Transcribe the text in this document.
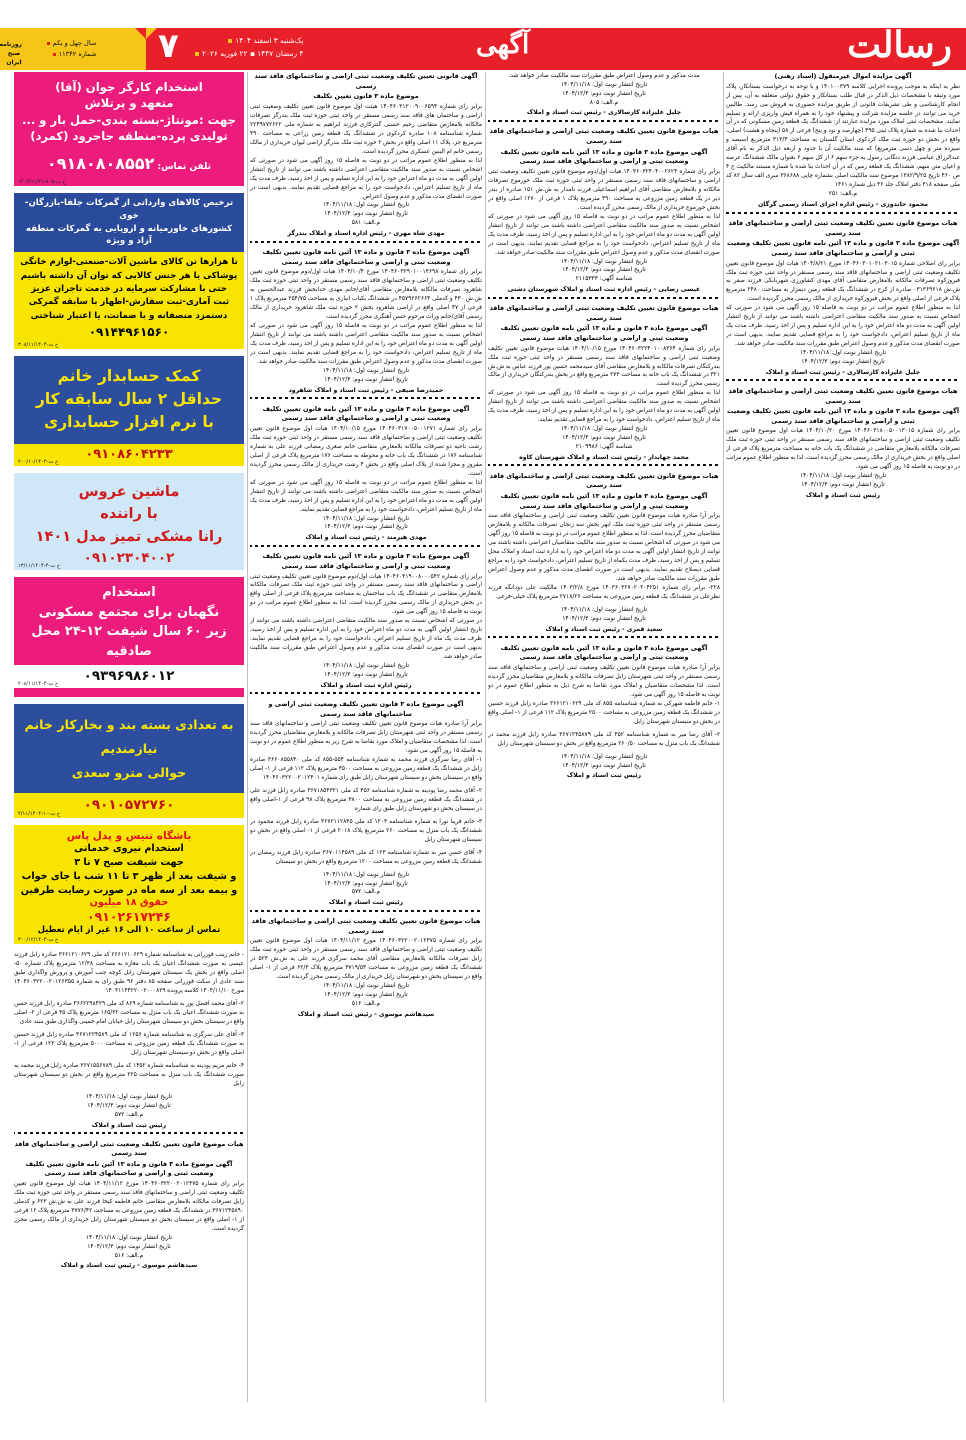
۷	یک‌شنبه ۳ اسفند ۱۴۰۴
۴ رمضان ۱۴۴۷ ▪ ۲۲ فوریه ۲۰۲۶	آگهی	رسالت
سال چهل و یکم
شماره ۱۱۳۴۲
روزنامه صبح ایران
استخدام کارگر جوان (آقا)
متعهد و پرتلاش
جهت :مونتاژ-بسته بندی-حمل بار و ...
تولیدی پرده-منطقه جاجرود (کمرد)
تلفن تماس: ۰۹۱۸۰۸۰۸۵۵۲
خ ت-۸۰۵-۱۴۰۴/۱۱/۲۱
ترخیص کالاهای وارداتی از گمرکات جلفا-بازرگان-خوی
کشورهای خاورمیانه و اروپایی به گمرکات منطقه آزاد و ویژه
تا هزارها تن کالای ماشین آلات-صنعتی-لوازم خانگی
پوشاکی یا هر جنس کالایی که توان آن داشته باشیم
حتی با مشارکت سرمایه در خدمت تاجران عزیز
ثبت آماری-ثبت سفارش-اظهار با سابقه گمرکی
دستمزد منصفانه و با ضمانت، یا اعتبار شناختی
۰۹۱۴۴۹۶۱۵۶۰
خ ت-۳۰۸/۱۱/۱۴۰۴
کمک حسابدار خانم
حداقل ۲ سال سابقه کار
با نرم افزار حسابداری
۰۹۱۰۸۶۰۴۲۳۳
خ ت-۲۰۰/۱۰/۱۴۰۴
ماشین عروس
با راننده
رانا مشکی تمیز مدل ۱۴۰۱
۰۹۱۰۲۳۰۴۰۰۲
خ ت-۴-۱۳/۱۱/۱۴۰۴
استخدام
نگهبان برای مجتمع مسکونی
زیر ۶۰ سال شیفت ۱۲-۲۴ محل صادقیه
۰۹۳۹۶۹۸۶۰۱۲
خ ت-۲۰۸/۱۱/۱۴۰۴
به تعدادی بسته بند و بخارکار خانم نیازمندیم
حوالی مترو سعدی
۰۹۰۱۰۵۷۲۷۶۰
خ ت-۱۰-۴/۱۱/۱۴۰۴
باشگاه تنیس و پدل پاس
استخدام نیروی خدماتی
جهت شیفت صبح ۷ تا ۳
و شیفت بعد از ظهر ۳ تا ۱۱ شب با جای خواب
و بیمه بعد از سه ماه در صورت رضایت طرفین
حقوق ۱۸ میلیون
۰۹۱۰۲۶۱۷۲۴۶
تماس از ساعت ۱۰ الی ۱۶ غیر از ایام تعطیل
خ ت-۳۰۰/۱۲/۱۴۰۴
- خانم زینب قوزرانی به شناسنامه شماره ۲۶۶۱۲۱۰۶۲۹ کد ملی ۳۶۶۱۲۱۰۶۲۹ صادره زابل فرزند عیسی به صورت ششدانگ اعیان یک باب مغازه به مساحت ۱۲/۳۸ مترمربع پلاک شماره ۵۰- اصلی واقع در بخش یک سیستان شهرستان زابل کوچه جنب آموزش و پرورش واگذاری طبق سند عادی از سکت قوزرانی صفحه ۸۵ دفتر ۹۶ طبق رای به شماره ۱۴۰۴۶۰۳۲۲۰۰۲۰۱۲۶۳۵۵ مورخ ۱۴۰۴/۱۱/۱۰ کلاسه پرونده ۱۴۰۴۱۱۴۴۲۲۰۰۲۰۰۰۸۲۹
۲- آقای محمد افضل پور به شناسنامه شماره ۸۶۹ کد ملی ۳۶۶۲۲۹۸۴۲۹ صادره زابل فرزند حسن به صورت ششدانگ اعیان یک باب منزل به مساحت ۱۶۵/۳۲ مترمربع پلاک ۳۵ فرعی از ۲- اصلی واقع در سیستان بخش دو سیستان شهرستان زابل خیابان امام خمینی واگذاری طبق سند عادی
۳- آقای علی سرگزی به شناسنامه شماره ۱۲۵۶ کد ملی ۳۶۷۱۲۲۴۵۸۹ صادره زابل فرزند حسین به صورت ششدانگ یک قطعه زمین مزروعی به مساحت ۵۰۰۰ مترمربع پلاک ۱۲۳ فرعی از ۱- اصلی واقع در بخش دو سیستان شهرستان زابل
۴- خانم مریم پودینه به شناسنامه شماره ۱۴۵۲ کد ملی ۳۶۷۱۵۵۶۷۸۹ صادره زابل فرزند محمد به صورت ششدانگ یک باب منزل به مساحت ۲۲۵ مترمربع واقع در بخش دو سیستان شهرستان زابل
تاریخ انتشار نوبت اول: ۱۴۰۴/۱۱/۱۸
تاریخ انتشار نوبت دوم: ۱۴۰۴/۱۲/۳
م.الف: ۵۷۲
رئیس ثبت اسناد و املاک
هیات موضوع قانون تعیین تکلیف وضعیت ثبتی اراضی و ساختمانهای فاقد سند رسمی
آگهی موضوع ماده ۳ قانون و ماده ۱۳ آئین نامه قانون تعیین تکلیف وضعیت ثبتی و اراضی و ساختمانهای فاقد سند رسمی
برابر رای شماره ۱۴۰۴۶۰۳۲۲۰۰۲۰۱۲۳۷۵ مورخ ۱۴۰۴/۱۱/۱۲ هیات اول موضوع قانون تعیین تکلیف وضعیت ثبتی اراضی و ساختمانهای فاقد سند رسمی مستقر در واحد ثبتی حوزه ثبت ملک زابل تصرفات مالکانه بلامعارض متقاضی خانم فاطمه کیخا فرزند علی به ش.ش ۶۲۳ و کدملی ۳۶۷۱۲۴۵۸۹۰ در ششدانگ یک قطعه زمین مزروعی به مساحت ۳۷۷۶/۴۲ مترمربع پلاک ۱۲ فرعی از ۱- اصلی واقع در سیستان بخش دو سیستان شهرستان زابل خریداری از مالک رسمی محرز گردیده است.
تاریخ انتشار نوبت اول: ۱۴۰۴/۱۱/۱۸
تاریخ انتشار نوبت دوم: ۱۴۰۴/۱۲/۳
م.الف: ۵۱۶
سیدهاشم موسوی - رئیس ثبت اسناد و املاک
آگهی قانونی تعیین تکلیف وضعیت ثبتی اراضی و ساختمانهای فاقد سند رسمی
موضوع ماده ۳ قانون تعیین تکلیف
برابر رای شماره ۱۴۰۴۶۰۳۱۲۰۰۹۰۰۶۵۹۴ هیئت اول موضوع قانون تعیین تکلیف وضعیت ثبتی اراضی و ساختمان های فاقد سند رسمی مستقر در واحد ثبتی حوزه ثبت ملک بندرگز تصرفات مالکانه بلامعارض متقاضی رحیم حسنی گنترکاری فرزند ابراهیم به شماره ملی ۲۲۴۹۷۷۲۶۲۲ شماره شناسنامه ۱۰۸ صادره کردکوی در ششدانگ یک قطعه زمین زراعی به مساحت ۴۹۰ مترمربع جز، پلاک ۱۱ اصلی واقع در بخش ۲ حوزه ثبت ملک بندرگز اراضی لیوان خریداری از مالک رسمی خانم ام البنین عسکری محرز گردیده است.
لذا به منظور اطلاع عموم مراتب در دو نوبت به فاصله ۱۵ روز آگهی می شود در صورتی که اشخاص نسبت به صدور سند مالکیت متقاضی اعتراضی داشته باشند می توانند از تاریخ انتشار اولین آگهی به مدت دو ماه اعتراض خود را به این اداره تسلیم و پس از اخذ رسید، ظرف مدت یک ماه از تاریخ تسلیم اعتراض، دادخواست خود را به مراجع قضایی تقدیم نمایند. بدیهی است در صورت انقضای مدت مذکور و عدم وصول اعتراض
تاریخ انتشار نوبت اول: ۱۴۰۴/۱۱/۱۸
تاریخ انتشار نوبت دوم: ۱۴۰۴/۱۲/۳
م.الف: ۵۸۱
مهدی شاه مهری - رئیس اداره اسناد و املاک بندرگز
آگهی موضوع ماده ۳ قانون و ماده ۱۳ آئین نامه قانون تعیین تکلیف وضعیت ثبتی و اراضی و ساختمانهای فاقد سند رسمی
برابر رای شماره ۱۴۰۴۶۰۳۲۹۰۱۰۰۱۴۶۹۸ مورخ ۱۴۰۴/۱۰/۴ هیات اول/دوم موضوع قانون تعیین تکلیف وضعیت ثبتی اراضی و ساختمانهای فاقد سند رسمی مستقر در واحد ثبتی حوزه ثبت ملک شاهرود تصرفات مالکانه بلامعارض متقاضی آقای/خانم مهدی خدابخش فرزند عبدالحسین به ش.ش ۴۳۰ و کدملی ۴۵۷۹۲۶۲۶۶۴ در ششدانگ یکباب انباری به مساحت ۲۵۴/۷۵ مترمربع پلاک ۱ فرعی از ۴۷ اصلی واقع در اراضی شاهرود بخش ۲ حوزه ثبت ملک شاهرود خریداری از مالک رسمی آقای/خانم وراث مرحوم حسن آهنگری محرز گردیده است.
لذا به منظور اطلاع عموم مراتب در دو نوبت به فاصله ۱۵ روز آگهی می شود در صورتی که اشخاص نسبت به صدور سند مالکیت متقاضی اعتراضی داشته باشند می توانند از تاریخ انتشار اولین آگهی به مدت دو ماه اعتراض خود را به این اداره تسلیم و پس از اخذ رسید، ظرف مدت یک ماه از تاریخ تسلیم اعتراض، دادخواست خود را به مراجع قضایی تقدیم نمایند. بدیهی است در صورت انقضای مدت مذکور و عدم وصول اعتراض طبق مقررات سند مالکیت صادر خواهد شد.
تاریخ انتشار نوبت اول: ۱۴۰۴/۱۱/۱۸
تاریخ انتشار نوبت دوم: ۱۴۰۴/۱۲/۳
حمیدرضا صیفی - رئیس ثبت اسناد و املاک شاهرود
آگهی موضوع ماده ۳ قانون و ماده ۱۳ آئین نامه قانون تعیین تکلیف وضعیت ثبتی و اراضی و ساختمانهای فاقد سند رسمی
برابر رای شماره ۱۴۰۴۶۰۳۱۷۰۰۵۰۰۱۲۷۱ مورخ ۱۴۰۴/۱۰/۱۵ هیات اول موضوع قانون تعیین تکلیف وضعیت ثبتی اراضی و ساختمانهای فاقد سند رسمی مستقر در واحد ثبتی حوزه ثبت ملک رشت ناحیه دو تصرفات مالکانه بلامعارض متقاضی خانم صغری رمضانی فرزند علی به شماره شناسنامه ۱۷۶ در ششدانگ یک باب خانه و محوطه به مساحت ۱۷۶ مترمربع پلاک فرعی از اصلی مفروز و مجزا شده از پلاک اصلی واقع در بخش ۴ رشت خریداری از مالک رسمی محرز گردیده است.
لذا به منظور اطلاع عموم مراتب در دو نوبت به فاصله ۱۵ روز آگهی می شود در صورتی که اشخاص نسبت به صدور سند مالکیت متقاضی اعتراضی داشته باشند می توانند از تاریخ انتشار اولین آگهی به مدت دو ماه اعتراض خود را به این اداره تسلیم و پس از اخذ رسید، ظرف مدت یک ماه از تاریخ تسلیم اعتراض، دادخواست خود را به مراجع قضایی تقدیم نمایند.
تاریخ انتشار نوبت اول: ۱۴۰۴/۱۱/۱۸
تاریخ انتشار نوبت دوم: ۱۴۰۴/۱۲/۳
مهدی هیرمند - رئیس ثبت اسناد و املاک
آگهی موضوع ماده ۳ قانون و ماده ۱۳ آئین نامه قانون تعیین تکلیف وضعیت ثبتی و اراضی و ساختمانهای فاقد سند رسمی
برابر رای شماره ۱۴۰۴۶۰۳۱۹۰۰۸۰۰۰۵۴۲ هیات اول/دوم موضوع قانون تعیین تکلیف وضعیت ثبتی اراضی و ساختمانهای فاقد سند رسمی مستقر در واحد ثبتی حوزه ثبت ملک تصرفات مالکانه بلامعارض متقاضی در ششدانگ یک باب ساختمان به مساحت مترمربع پلاک فرعی از اصلی واقع در بخش خریداری از مالک رسمی محرز گردیده است. لذا به منظور اطلاع عموم مراتب در دو نوبت به فاصله ۱۵ روز آگهی می شود.
در صورتی که اشخاص نسبت به صدور سند مالکیت متقاضی اعتراضی داشته باشند می توانند از تاریخ انتشار اولین آگهی به مدت دو ماه اعتراض خود را به این اداره تسلیم و پس از اخذ رسید، ظرف مدت یک ماه از تاریخ تسلیم اعتراض، دادخواست خود را به مراجع قضایی تقدیم نمایند. بدیهی است در صورت انقضای مدت مذکور و عدم وصول اعتراض طبق مقررات سند مالکیت صادر خواهد شد.
تاریخ انتشار نوبت اول: ۱۴۰۴/۱۱/۱۸
تاریخ انتشار نوبت دوم: ۱۴۰۴/۱۲/۳
رئیس اداره ثبت اسناد و املاک
آگهی موضوع ماده ۳ قانون تعیین تکلیف وضعیت ثبتی اراضی و ساختمانهای فاقد سند رسمی
برابر آرا صادره هیات موضوع قانون تعیین تکلیف وضعیت ثبتی اراضی و ساختمانهای فاقد سند رسمی مستقر در واحد ثبتی شهرستان زابل تصرفات مالکانه و بلامعارض متقاضیان محرز گردیده است. لذا مشخصات متقاضیان و املاک مورد تقاضا به شرح زیر به منظور اطلاع عموم در دو نوبت به فاصله ۱۵ روز آگهی می شود:
۱- آقای رضا سرگزی فرزند محمد به شماره شناسنامه ۵۵۴-۸۵۵ کد ملی ۳۶۶۰۸۵۵۸۴۰ صادره زابل در ششدانگ یک قطعه زمین مزروعی به مساحت ۴۵۰۰ مترمربع پلاک ۱۱۲ فرعی از ۱- اصلی واقع در سیستان بخش دو سیستان شهرستان زابل طبق رای شماره ۱۴۰۴۶۰۳۲۲۰۰۲۰۱۲۴۰۱
۲- آقای محمد رضا پودینه به شماره شناسنامه ۴۵۶ کد ملی ۳۶۷۱۸۵۴۳۲۱ صادره زابل فرزند علی در ششدانگ یک قطعه زمین مزروعی به مساحت ۳۸۰۰ مترمربع پلاک ۹۸ فرعی از ۱-اصلی واقع در سیستان بخش دو شهرستان زابل طبق رای شماره
۳- خانم فریبا نورا به شماره شناسنامه ۱۲۰۳ کد ملی ۳۶۷۲۱۱۲۸۴۵ صادره زابل فرزند محمود در ششدانگ یک باب منزل به مساحت ۲۶۰ مترمربع پلاک ۲۰۱۸ فرعی از ۱- اصلی واقع در بخش دو سیستان شهرستان زابل
۴- آقای حسن میر به شماره شناسنامه ۱۲۳ کد ملی ۳۶۷۰۱۱۴۵۸۹ صادره زابل فرزند رمضان در ششدانگ یک قطعه زمین مزروعی به مساحت ۱۲۰۰ مترمربع واقع در بخش دو سیستان
تاریخ انتشار نوبت اول: ۱۴۰۴/۱۱/۱۸
تاریخ انتشار نوبت دوم: ۱۴۰۴/۱۲/۳
م.الف: ۵۷۲
رئیس ثبت اسناد و املاک
هیات موضوع قانون تعیین تکلیف وضعیت ثبتی اراضی و ساختمانهای فاقد سند رسمی
برابر رای شماره ۱۴۰۴۶۰۳۲۲۰۰۲۰۱۲۳۷۵ مورخ ۱۴۰۴/۱۱/۱۲ هیات اول موضوع قانون تعیین تکلیف وضعیت ثبتی اراضی و ساختمانهای فاقد سند رسمی مستقر در واحد ثبتی حوزه ثبت ملک زابل تصرفات مالکانه بلامعارض متقاضی آقای محمد سرگزی فرزند علی به ش.ش ۵۲۳ در ششدانگ یک قطعه زمین مزروعی به مساحت ۳۷۱۹/۵۴ مترمربع پلاک ۶۲/۳ فرعی از ۱- اصلی واقع در سیستان بخش دو شهرستان زابل خریداری از مالک رسمی محرز گردیده است.
تاریخ انتشار نوبت اول: ۱۴۰۴/۱۱/۱۸
تاریخ انتشار نوبت دوم: ۱۴۰۴/۱۲/۳
م.الف: ۵۱۶
سیدهاشم موسوی - رئیس ثبت اسناد و املاک
مدت مذکور و عدم وصول اعتراض طبق مقررات سند مالکیت صادر خواهد شد.
تاریخ انتشار نوبت اول: ۱۴۰۴/۱۱/۱۸
تاریخ انتشار نوبت دوم: ۱۴۰۴/۱۲/۳
م.الف: ۸۰۵
جلیل علیزاده کارسالاری - رئیس ثبت اسناد و املاک
هیات موضوع قانون تعیین تکلیف وضعیت ثبتی اراضی و ساختمانهای فاقد سند رسمی
آگهی موضوع ماده ۳ قانون و ماده ۱۳ آئین نامه قانون تعیین تکلیف وضعیت ثبتی و اراضی و ساختمانهای فاقد سند رسمی
برابر رای شماره ۱۴۰۴۶۰۳۲۴۰۴۰۰۲۶۲۴ هیات اول/دوم موضوع قانون تعیین تکلیف وضعیت ثبتی اراضی و ساختمانهای فاقد سند رسمی مستقر در واحد ثبتی حوزه ثبت ملک خورموج تصرفات مالکانه و بلامعارض متقاضی آقای ابراهیم اسماعیلی فرزند نامدار به ش.ش ۱۵۱ صادره از بندر دیر در یک قطعه زمین مزروعی به مساحت ۴۹۰ مترمربع پلاک ۱ فرعی از ۱۲۷۰ اصلی واقع در بخش خورموج خریداری از مالک رسمی محرز گردیده است.
لذا به منظور اطلاع عموم مراتب در دو نوبت به فاصله ۱۵ روز آگهی می شود در صورتی که اشخاص نسبت به صدور سند مالکیت متقاضی اعتراضی داشته باشند می توانند از تاریخ انتشار اولین آگهی به مدت دو ماه اعتراض خود را به این اداره تسلیم و پس از اخذ رسید، ظرف مدت یک ماه از تاریخ تسلیم اعتراض، دادخواست خود را به مراجع قضایی تقدیم نمایند. بدیهی است در صورت انقضای مدت مذکور و عدم وصول اعتراض طبق مقررات سند مالکیت صادر خواهد شد.
تاریخ انتشار نوبت اول: ۱۴۰۴/۱۱/۱۸
تاریخ انتشار نوبت دوم: ۱۴۰۴/۱۲/۳
شناسه آگهی: ۲۱۱۵۳۳۳
عیسی رضایی - رئیس اداره ثبت اسناد و املاک شهرستان دشتی
هیات موضوع قانون تعیین تکلیف وضعیت ثبتی اراضی و ساختمانهای فاقد سند رسمی
آگهی موضوع ماده ۳ قانون و ماده ۱۳ آئین نامه قانون تعیین تکلیف وضعیت ثبتی و اراضی و ساختمانهای فاقد سند رسمی
برابر رای شماره ۱۴۰۴۶۰۳۲۲۴۰۱۰۰۸۳۶۴ مورخ ۱۴۰۴/۱۰/۱۵ هیات موضوع قانون تعیین تکلیف وضعیت ثبتی اراضی و ساختمانهای فاقد سند رسمی مستقر در واحد ثبتی حوزه ثبت ملک بندرکنگان تصرفات مالکانه و بلامعارض متقاضی آقای سیدمحمد حسین پور فرزند عباس به ش.ش ۳۲۱ در ششدانگ یک باب خانه به مساحت ۲۷۳ مترمربع واقع در بخش بندرکنگان خریداری از مالک رسمی محرز گردیده است.
لذا به منظور اطلاع عموم مراتب در دو نوبت به فاصله ۱۵ روز آگهی می شود در صورتی که اشخاص نسبت به صدور سند مالکیت متقاضی اعتراضی داشته باشند می توانند از تاریخ انتشار اولین آگهی به مدت دو ماه اعتراض خود را به این اداره تسلیم و پس از اخذ رسید، ظرف مدت یک ماه از تاریخ تسلیم اعتراض، دادخواست خود را به مراجع قضایی تقدیم نمایند.
تاریخ انتشار نوبت اول: ۱۴۰۴/۱۱/۱۸
تاریخ انتشار نوبت دوم: ۱۴۰۴/۱۲/۳
شناسه آگهی: ۲۱۰۹۹۸۶
محمد جهابدار - رئیس ثبت اسناد و املاک شهرستان کاوه
هیات موضوع قانون تعیین تکلیف وضعیت ثبتی اراضی و ساختمانهای فاقد سند رسمی
آگهی موضوع ماده ۳ قانون و ماده ۱۳ آئین نامه قانون تعیین تکلیف وضعیت ثبتی و اراضی و ساختمانهای فاقد سند رسمی
برابر آرا صادره هیات موضوع قانون تعیین تکلیف وضعیت ثبتی اراضی و ساختمانهای فاقد سند رسمی مستقر در واحد ثبتی حوزه ثبت ملک ابهر بخش سه زنجان تصرفات مالکانه و بلامعارض متقاضیان محرز گردیده است. لذا به منظور اطلاع عموم مراتب در دو نوبت به فاصله ۱۵ روز آگهی می شود در صورتی که اشخاص نسبت به صدور سند مالکیت متقاضیان اعتراضی داشته باشند می توانند از تاریخ انتشار اولین آگهی به مدت دو ماه اعتراض خود را به اداره ثبت اسناد و املاک محل تسلیم و پس از اخذ رسید، ظرف مدت یکماه از تاریخ تسلیم اعتراض، دادخواست خود را به مراجع قضایی ذیصلاح تقدیم نمایند. بدیهی است در صورت انقضای مدت مذکور و عدم وصول اعتراض طبق مقررات سند مالکیت صادر خواهد شد.
۲۲۸- برابر رای شماره ۱۴۰۳۶۰۳۲۷۰۲۰۲۰۴۲۵۱ مورخ ۱۴۰۳/۲/۸ مالکیت علی دودانگه فرزند نظرعلی در ششدانگ یک قطعه زمین مزروعی به مساحت ۲۷۱۸/۲۶ مترمربع پلاک خیلی-فرعی
تاریخ انتشار نوبت اول: ۱۴۰۴/۱۱/۱۸
تاریخ انتشار نوبت دوم: ۱۴۰۴/۱۲/۳
سعید قمری - رئیس ثبت اسناد و املاک
آگهی موضوع ماده ۳ قانون و ماده ۱۳ آئین نامه قانون تعیین تکلیف وضعیت ثبتی و اراضی و ساختمانهای فاقد سند رسمی
برابر آرا صادره هیات موضوع قانون تعیین تکلیف وضعیت ثبتی اراضی و ساختمانهای فاقد سند رسمی مستقر در واحد ثبتی شهرستان زابل تصرفات مالکانه و بلامعارض متقاضیان محرز گردیده است. لذا مشخصات متقاضیان و املاک مورد تقاضا به شرح ذیل به منظور اطلاع عموم در دو نوبت به فاصله ۱۵ روز آگهی می شود.
۱- خانم فاطمه شهرکی به شماره شناسنامه ۸۵۵ کد ملی ۳۶۶۱۲۱۰۶۲۹ صادره زابل فرزند حسین در ششدانگ یک قطعه زمین مزروعی به مساحت ۲۵۰۰ مترمربع پلاک ۱۱۲ فرعی از ۱- اصلی واقع در بخش دو سیستان شهرستان زابل
۲- آقای رضا میر به شماره شناسنامه ۴۵۲ کد ملی ۳۶۷۱۲۴۵۸۷۹ صادره زابل فرزند محمد در ششدانگ یک باب منزل به مساحت ۲۶۰/۵۰ مترمربع واقع در بخش دو سیستان شهرستان زابل
تاریخ انتشار نوبت اول: ۱۴۰۴/۱۱/۱۸
تاریخ انتشار نوبت دوم: ۱۴۰۴/۱۲/۳
رئیس ثبت اسناد و املاک
آگهی مزایده اموال غیرمنقول (اسناد رهنی)
نظر به اینکه به موجب پرونده اجرایی کلاسه ۱۴۰۱۰۰۳۷۹ و با توجه به درخواست بستانکار، پلاک مورد وثیقه با مشخصات ذیل الذکر در قبال طلب بستانکار و حقوق دولتی متعلقه به آن، پس از انجام کارشناسی و طی تشریفات قانونی از طریق مزایده حضوری به فروش می رسد. طالبین خرید می توانند در جلسه مزایده شرکت و پیشنهاد خود را به همراه فیش واریزی ارائه و تسلیم نمایند. مشخصات ثبتی املاک مورد مزایده عبارتند از: ششدانگ یک قطعه زمین مسکونی که در آن احداث بنا شده به شماره پلاک ثبتی ۴۹۵ (چهارصد و نود و پنج) فرعی از ۵۸ (پنجاه و هشت) اصلی، واقع در بخش دو حوزه ثبت ملک کردکوی استان گلستان به مساحت ۳۱۳/۴ مترمربع (سیصد و سیزده متر و چهل دسی مترمربع) که سند مالکیت آن با حدود و اربعه ذیل الذکر به نام آقای عبدالرزاق عباسی فرزند دنگانی رسول به جزء سهم ۶ از کل سهم ۶ بعنوان مالک ششدانگ عرصه و اعیان متن سهم، ششدانگ یک قطعه زمین که در آن احداث بنا شده با شماره مستند مالکیت ج ۴ ص ۴۶۰ تاریخ ۱۳۸۲/۹/۲۵ موضوع سند مالکیت اصلی بشماره چاپی ۳۶۸۶۸۸ سری الف سال ۸۲ کد ملی صفحه ۳۱۸ دفتر املاک جلد ۳۶ ذیل شماره ۱۴۶۱
م.الف: ۲۵۱
محمود خاندوزی - رئیس اداره اجرای اسناد رسمی گرگان
هیات موضوع قانون تعیین تکلیف وضعیت ثبتی اراضی و ساختمانهای فاقد سند رسمی
آگهی موضوع ماده ۳ قانون و ماده ۱۳ آئین نامه قانون تعیین تکلیف وضعیت ثبتی و اراضی و ساختمانهای فاقد سند رسمی
برابر رای اصلاحی شماره ۱۴۰۴۶۰۳۰۱۰۲۱۰۳۰۱۵ مورخ ۱۴۰۴/۸/۲۱ هیات اول موضوع قانون تعیین تکلیف وضعیت ثبتی اراضی و ساختمانهای فاقد سند رسمی مستقر در واحد ثبتی حوزه ثبت ملک فیروزکوه تصرفات مالکانه بلامعارض متقاضی آقای مهدی کشاورزی شهربابکی فرزند صفر به ش.ش ۰۳۱۳۶۹۶۱۸ صادره از کرج در ششدانگ یک قطعه زمین دیمزار به مساحت ۲۴۸۰ مترمربع پلاک فرعی از اصلی واقع در بخش فیروزکوه خریداری از مالک رسمی محرز گردیده است.
لذا به منظور اطلاع عموم مراتب در دو نوبت به فاصله ۱۵ روز آگهی می شود در صورتی که اشخاص نسبت به صدور سند مالکیت متقاضی اعتراضی داشته باشند می توانند از تاریخ انتشار اولین آگهی به مدت دو ماه اعتراض خود را به این اداره تسلیم و پس از اخذ رسید، ظرف مدت یک ماه از تاریخ تسلیم اعتراض، دادخواست خود را به مراجع قضایی تقدیم نمایند. بدیهی است در صورت انقضای مدت مذکور و عدم وصول اعتراض طبق مقررات سند مالکیت صادر خواهد شد.
تاریخ انتشار نوبت اول: ۱۴۰۴/۱۱/۱۸
تاریخ انتشار نوبت دوم: ۱۴۰۴/۱۲/۳
جلیل علیزاده کارسالاری - رئیس ثبت اسناد و املاک
هیات موضوع قانون تعیین تکلیف وضعیت ثبتی اراضی و ساختمانهای فاقد سند رسمی
آگهی موضوع ماده ۳ قانون و ماده ۱۳ آئین نامه قانون تعیین تکلیف وضعیت ثبتی و اراضی و ساختمانهای فاقد سند رسمی
برابر رای شماره ۱۴۰۴۶۰۳۱۸۰۰۵۰۰۱۳۰۱۵ مورخ ۱۴۰۴/۱۰/۲۰ هیات اول موضوع قانون تعیین تکلیف وضعیت ثبتی اراضی و ساختمانهای فاقد سند رسمی مستقر در واحد ثبتی حوزه ثبت ملک تصرفات مالکانه بلامعارض متقاضی در ششدانگ یک باب خانه به مساحت مترمربع پلاک فرعی از اصلی واقع در بخش خریداری از مالک رسمی محرز گردیده است. لذا به منظور اطلاع عموم مراتب در دو نوبت به فاصله ۱۵ روز آگهی می شود.
تاریخ انتشار نوبت اول: ۱۴۰۴/۱۱/۱۸
تاریخ انتشار نوبت دوم: ۱۴۰۴/۱۲/۳
رئیس ثبت اسناد و املاک
